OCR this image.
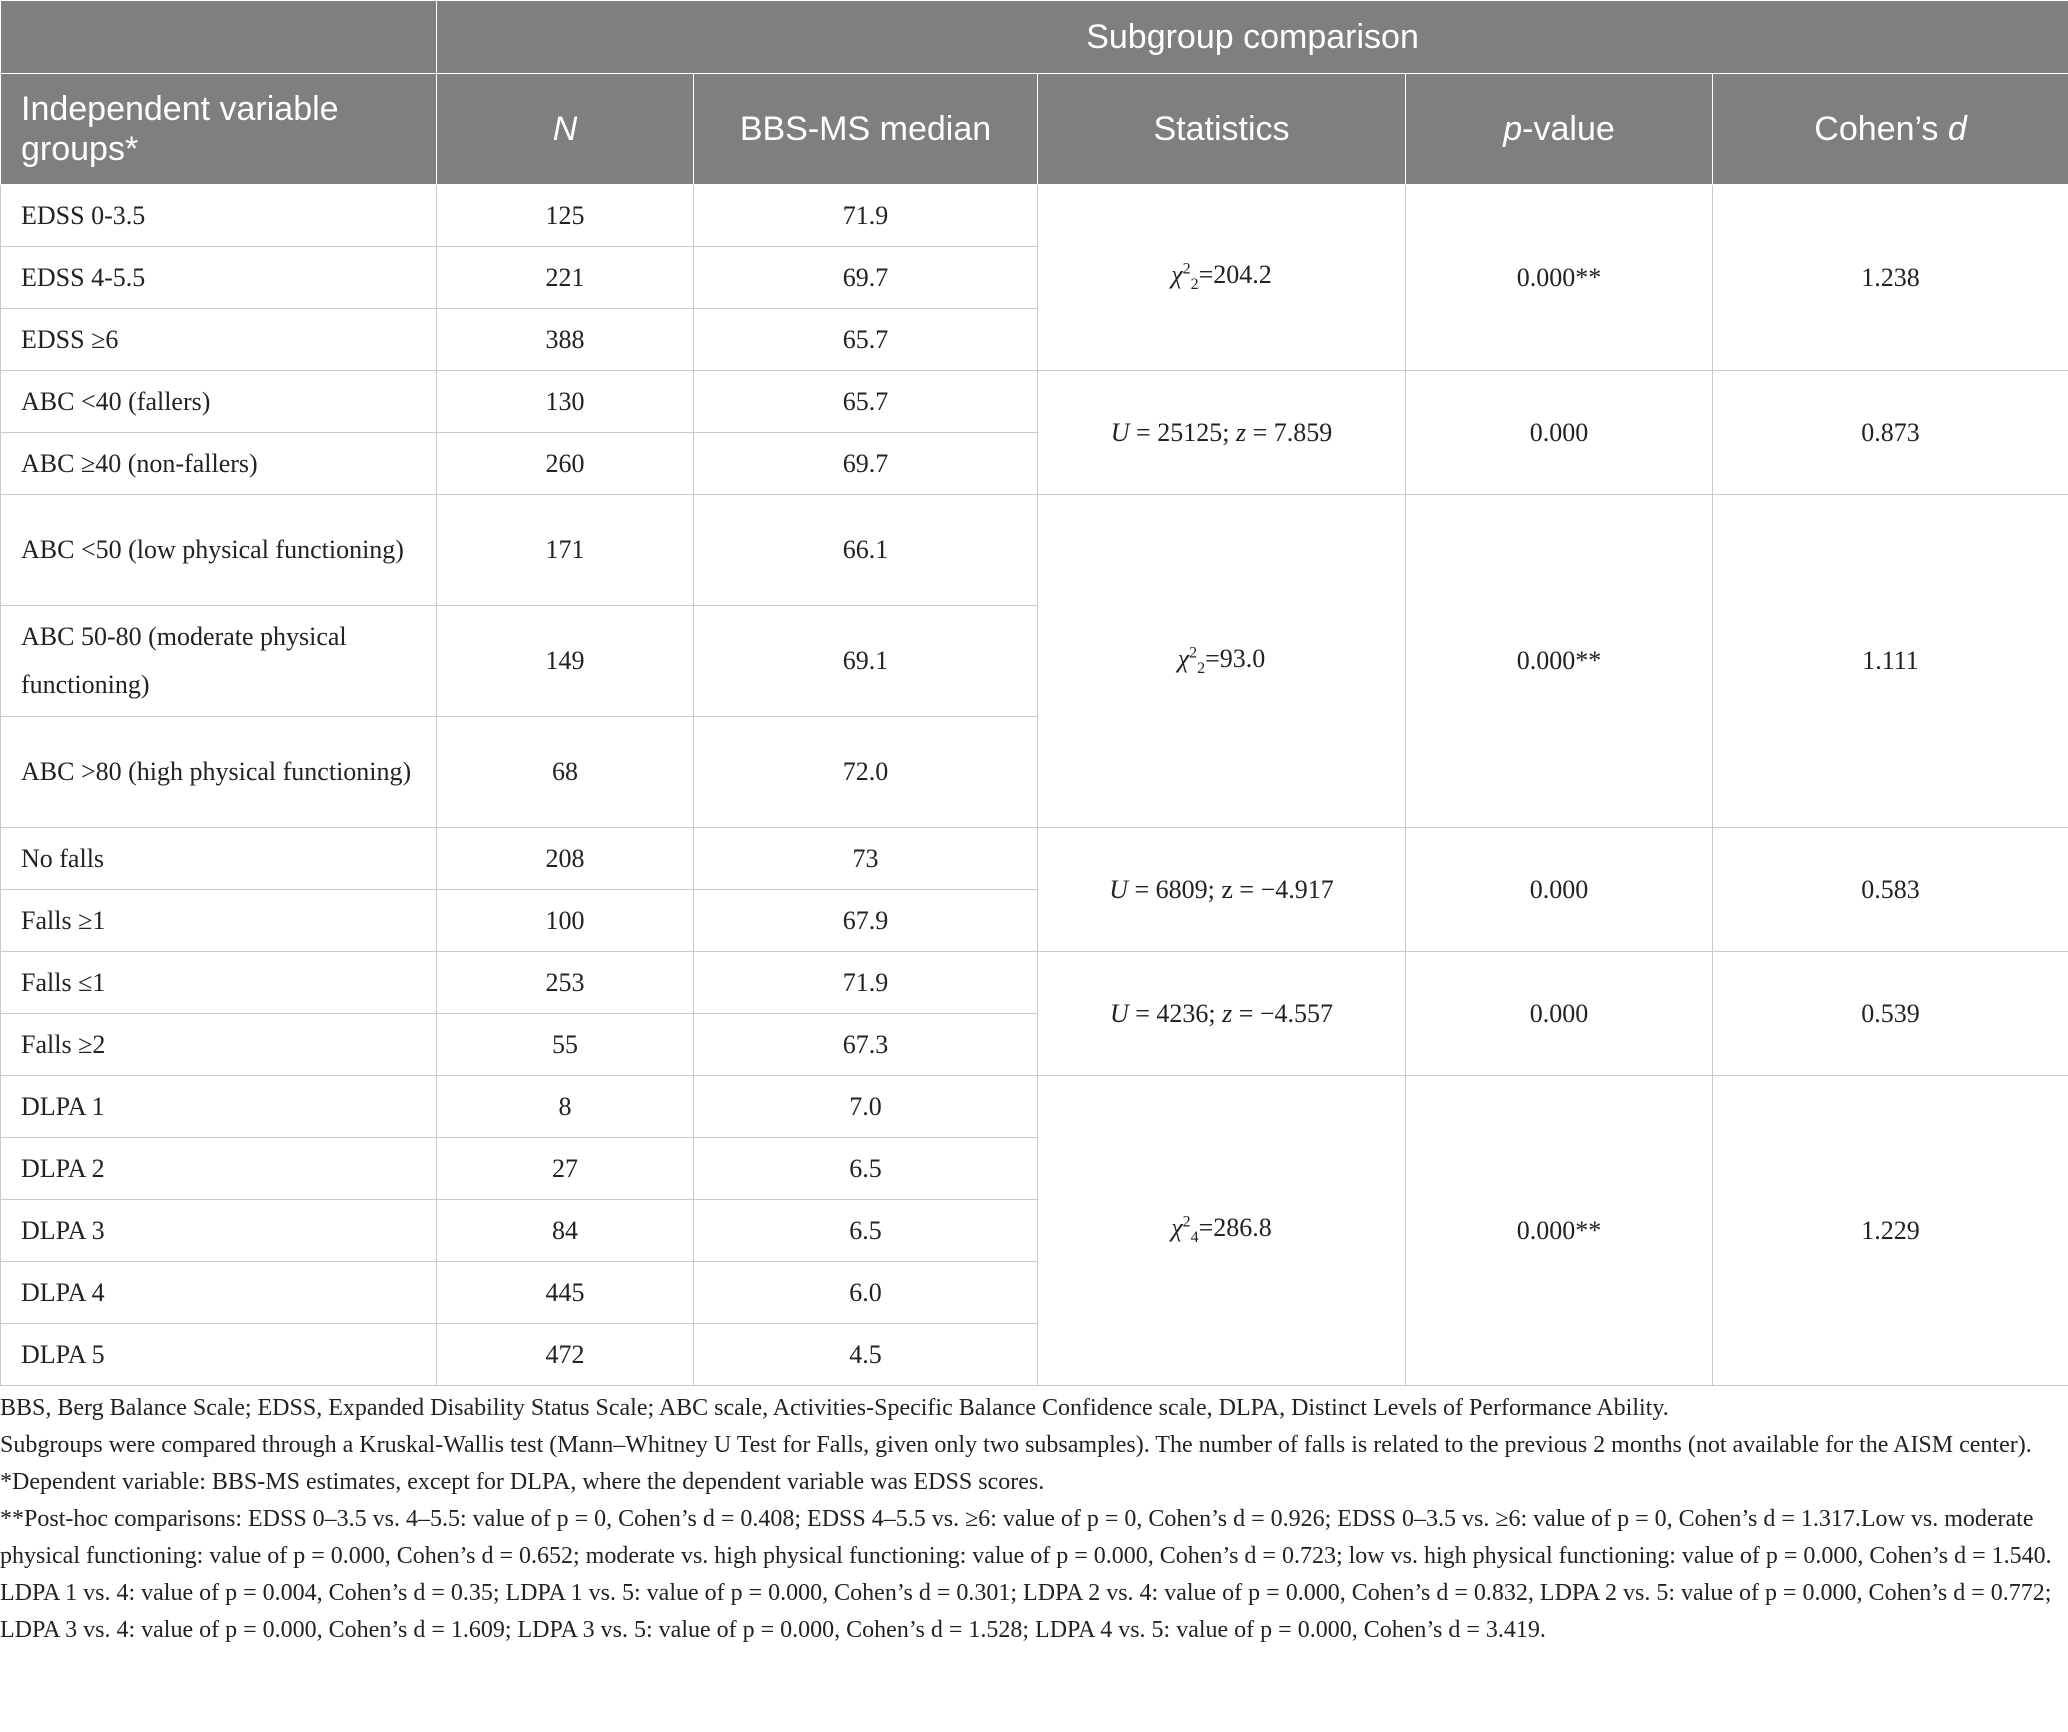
	Subgroup comparison				
Independent variable groups*	N	BBS-MS median	Statistics	p-value	Cohen’s d
EDSS 0-3.5	125	71.9	$\chi^2_2=204.2$	0.000**	1.238
EDSS 4-5.5	221	69.7			
EDSS ≥6	388	65.7			
ABC <40 (fallers)	130	65.7	U = 25125; z = 7.859	0.000	0.873
ABC ≥40 (non-fallers)	260	69.7			
ABC <50 (low physical functioning)	171	66.1	$\chi^2_2=93.0$	0.000**	1.111
ABC 50-80 (moderate physical functioning)	149	69.1			
ABC >80 (high physical functioning)	68	72.0			
No falls	208	73	U = 6809; z = −4.917	0.000	0.583
Falls ≥1	100	67.9			
Falls ≤1	253	71.9	U = 4236; z = −4.557	0.000	0.539
Falls ≥2	55	67.3			
DLPA 1	8	7.0	$\chi^2_4=286.8$	0.000**	1.229
DLPA 2	27	6.5			
DLPA 3	84	6.5			
DLPA 4	445	6.0			
DLPA 5	472	4.5			

BBS, Berg Balance Scale; EDSS, Expanded Disability Status Scale; ABC scale, Activities-Specific Balance Confidence scale, DLPA, Distinct Levels of Performance Ability.

Subgroups were compared through a Kruskal-Wallis test (Mann–Whitney U Test for Falls, given only two subsamples). The number of falls is related to the previous 2 months (not available for the AISM center).

*Dependent variable: BBS-MS estimates, except for DLPA, where the dependent variable was EDSS scores.

**Post-hoc comparisons: EDSS 0–3.5 vs. 4–5.5: value of p = 0, Cohen’s d = 0.408; EDSS 4–5.5 vs. ≥6: value of p = 0, Cohen’s d = 0.926; EDSS 0–3.5 vs. ≥6: value of p = 0, Cohen’s d = 1.317.Low vs. moderate physical functioning: value of p = 0.000, Cohen’s d = 0.652; moderate vs. high physical functioning: value of p = 0.000, Cohen’s d = 0.723; low vs. high physical functioning: value of p = 0.000, Cohen’s d = 1.540.

LDPA 1 vs. 4: value of p = 0.004, Cohen’s d = 0.35; LDPA 1 vs. 5: value of p = 0.000, Cohen’s d = 0.301; LDPA 2 vs. 4: value of p = 0.000, Cohen’s d = 0.832, LDPA 2 vs. 5: value of p = 0.000, Cohen’s d = 0.772; LDPA 3 vs. 4: value of p = 0.000, Cohen’s d = 1.609; LDPA 3 vs. 5: value of p = 0.000, Cohen’s d = 1.528; LDPA 4 vs. 5: value of p = 0.000, Cohen’s d = 3.419.
